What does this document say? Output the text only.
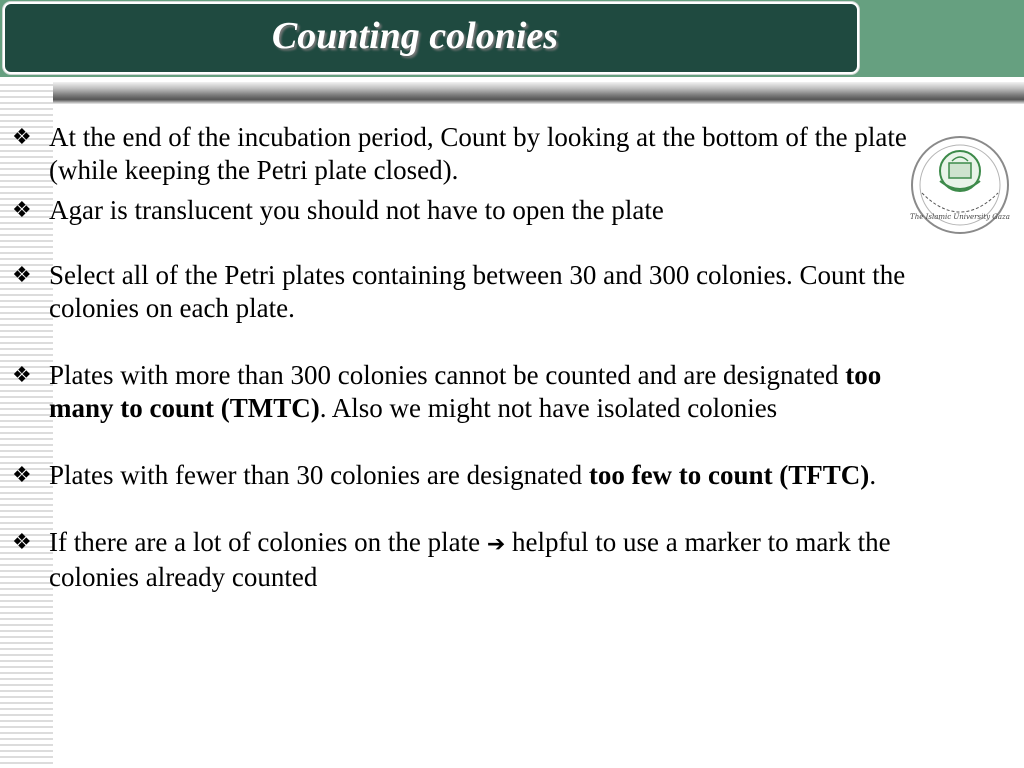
Counting colonies
The Islamic University Gaza
❖ At the end of the incubation period, Count by looking at the bottom of the plate (while keeping the Petri plate closed).
❖ Agar is translucent you should not have to open the plate
❖ Select all of the Petri plates containing between 30 and 300 colonies. Count the colonies on each plate.
❖ Plates with more than 300 colonies cannot be counted and are designated too many to count (TMTC). Also we might not have isolated colonies
❖ Plates with fewer than 30 colonies are designated too few to count (TFTC).
❖ If there are a lot of colonies on the plate ➔ helpful to use a marker to mark the colonies already counted
